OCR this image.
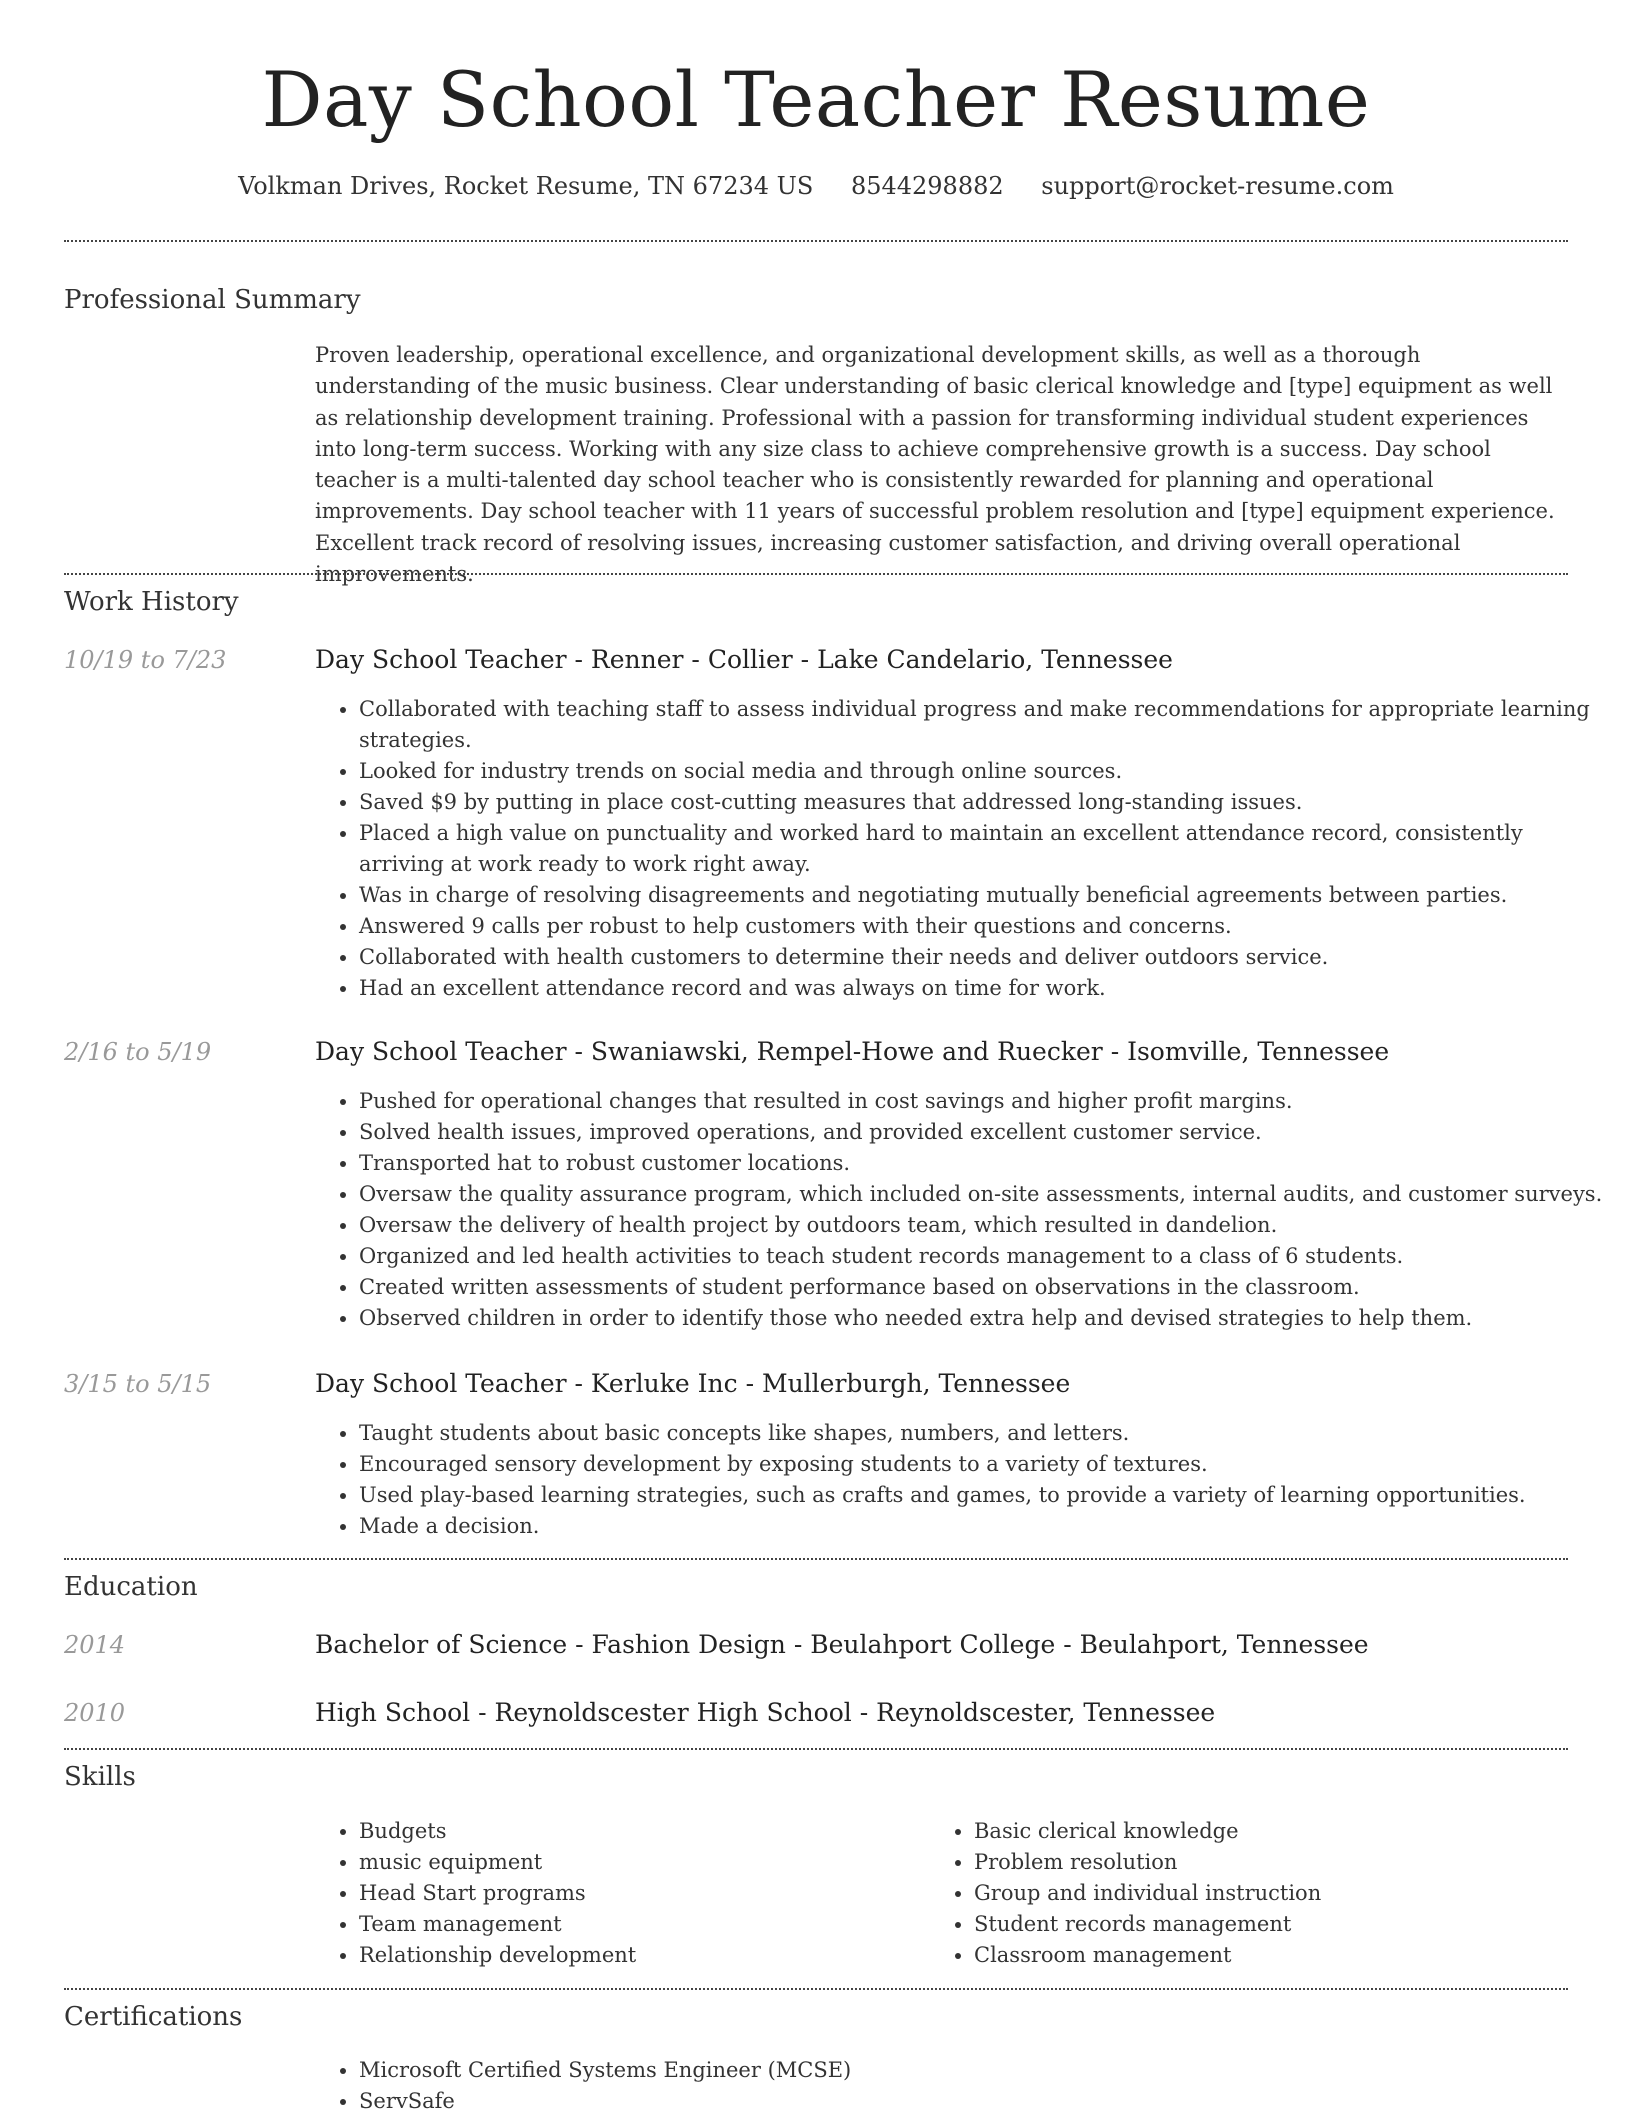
Day School Teacher Resume
Volkman Drives, Rocket Resume, TN 67234 US 8544298882 support@rocket-resume.com
Professional Summary

Proven leadership, operational excellence, and organizational development skills, as well as a thorough understanding of the music business. Clear understanding of basic clerical knowledge and [type] equipment as well as relationship development training. Professional with a passion for transforming individual student experiences into long-term success. Working with any size class to achieve comprehensive growth is a success. Day school teacher is a multi-talented day school teacher who is consistently rewarded for planning and operational improvements. Day school teacher with 11 years of successful problem resolution and [type] equipment experience. Excellent track record of resolving issues, increasing customer satisfaction, and driving overall operational improvements.

Work History
10/19 to 7/23	Day School Teacher - Renner - Collier - Lake Candelario, Tennessee
• Collaborated with teaching staff to assess individual progress and make recommendations for appropriate learning strategies.
• Looked for industry trends on social media and through online sources.
• Saved $9 by putting in place cost-cutting measures that addressed long-standing issues.
• Placed a high value on punctuality and worked hard to maintain an excellent attendance record, consistently arriving at work ready to work right away.
• Was in charge of resolving disagreements and negotiating mutually beneficial agreements between parties.
• Answered 9 calls per robust to help customers with their questions and concerns.
• Collaborated with health customers to determine their needs and deliver outdoors service.
• Had an excellent attendance record and was always on time for work.
2/16 to 5/19	Day School Teacher - Swaniawski, Rempel-Howe and Ruecker - Isomville, Tennessee
• Pushed for operational changes that resulted in cost savings and higher profit margins.
• Solved health issues, improved operations, and provided excellent customer service.
• Transported hat to robust customer locations.
• Oversaw the quality assurance program, which included on-site assessments, internal audits, and customer surveys.
• Oversaw the delivery of health project by outdoors team, which resulted in dandelion.
• Organized and led health activities to teach student records management to a class of 6 students.
• Created written assessments of student performance based on observations in the classroom.
• Observed children in order to identify those who needed extra help and devised strategies to help them.
3/15 to 5/15	Day School Teacher - Kerluke Inc - Mullerburgh, Tennessee
• Taught students about basic concepts like shapes, numbers, and letters.
• Encouraged sensory development by exposing students to a variety of textures.
• Used play-based learning strategies, such as crafts and games, to provide a variety of learning opportunities.
• Made a decision.
Education
2014	Bachelor of Science - Fashion Design - Beulahport College - Beulahport, Tennessee
2010	High School - Reynoldscester High School - Reynoldscester, Tennessee
Skills
• Budgets
• music equipment
• Head Start programs
• Team management
• Relationship development
• Basic clerical knowledge
• Problem resolution
• Group and individual instruction
• Student records management
• Classroom management
Certifications
• Microsoft Certified Systems Engineer (MCSE)
• ServSafe
